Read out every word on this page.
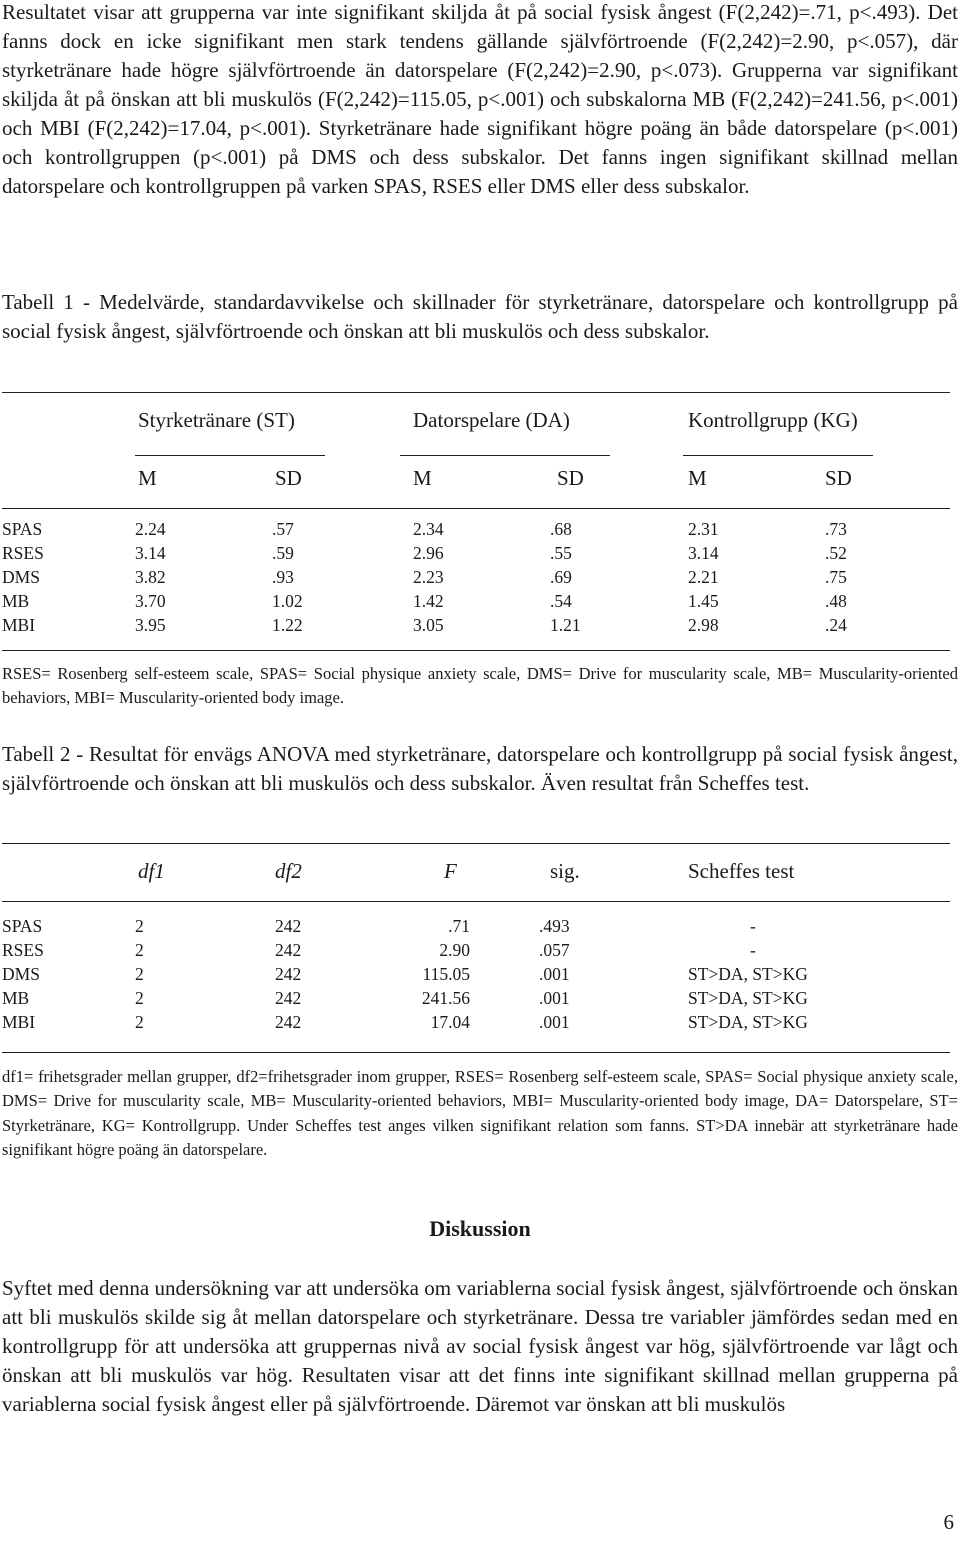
Resultatet visar att grupperna var inte signifikant skiljda åt på social fysisk ångest (F(2,242)=.71, p<.493). Det fanns dock en icke signifikant men stark tendens gällande självförtroende (F(2,242)=2.90, p<.057), där styrketränare hade högre självförtroende än datorspelare (F(2,242)=2.90, p<.073). Grupperna var signifikant skiljda åt på önskan att bli muskulös (F(2,242)=115.05, p<.001) och subskalorna MB (F(2,242)=241.56, p<.001) och MBI (F(2,242)=17.04, p<.001). Styrketränare hade signifikant högre poäng än både datorspelare (p<.001) och kontrollgruppen (p<.001) på DMS och dess subskalor. Det fanns ingen signifikant skillnad mellan datorspelare och kontrollgruppen på varken SPAS, RSES eller DMS eller dess subskalor.

Tabell 1 - Medelvärde, standardavvikelse och skillnader för styrketränare, datorspelare och kontrollgrupp på social fysisk ångest, självförtroende och önskan att bli muskulös och dess subskalor.

Styrketränare (ST)	Datorspelare (DA)	Kontrollgrupp (KG)
M	SD	M	SD	M	SD
SPAS	2.24	.57	2.34	.68	2.31	.73
RSES	3.14	.59	2.96	.55	3.14	.52
DMS	3.82	.93	2.23	.69	2.21	.75
MB	3.70	1.02	1.42	.54	1.45	.48
MBI	3.95	1.22	3.05	1.21	2.98	.24

RSES= Rosenberg self-esteem scale, SPAS= Social physique anxiety scale, DMS= Drive for muscularity scale, MB= Muscularity-oriented behaviors, MBI= Muscularity-oriented body image.

Tabell 2 - Resultat för envägs ANOVA med styrketränare, datorspelare och kontrollgrupp på social fysisk ångest, självförtroende och önskan att bli muskulös och dess subskalor. Även resultat från Scheffes test.

df1	df2	F	sig.	Scheffes test
SPAS	2	242	.71	.493	-
RSES	2	242	2.90	.057	-
DMS	2	242	115.05	.001	ST>DA, ST>KG
MB	2	242	241.56	.001	ST>DA, ST>KG
MBI	2	242	17.04	.001	ST>DA, ST>KG

df1= frihetsgrader mellan grupper, df2=frihetsgrader inom grupper, RSES= Rosenberg self-esteem scale, SPAS= Social physique anxiety scale, DMS= Drive for muscularity scale, MB= Muscularity-oriented behaviors, MBI= Muscularity-oriented body image, DA= Datorspelare, ST= Styrketränare, KG= Kontrollgrupp. Under Scheffes test anges vilken signifikant relation som fanns. ST>DA innebär att styrketränare hade signifikant högre poäng än datorspelare.

Diskussion

Syftet med denna undersökning var att undersöka om variablerna social fysisk ångest, självförtroende och önskan att bli muskulös skilde sig åt mellan datorspelare och styrketränare. Dessa tre variabler jämfördes sedan med en kontrollgrupp för att undersöka att gruppernas nivå av social fysisk ångest var hög, självförtroende var lågt och önskan att bli muskulös var hög. Resultaten visar att det finns inte signifikant skillnad mellan grupperna på variablerna social fysisk ångest eller på självförtroende. Däremot var önskan att bli muskulös

6
